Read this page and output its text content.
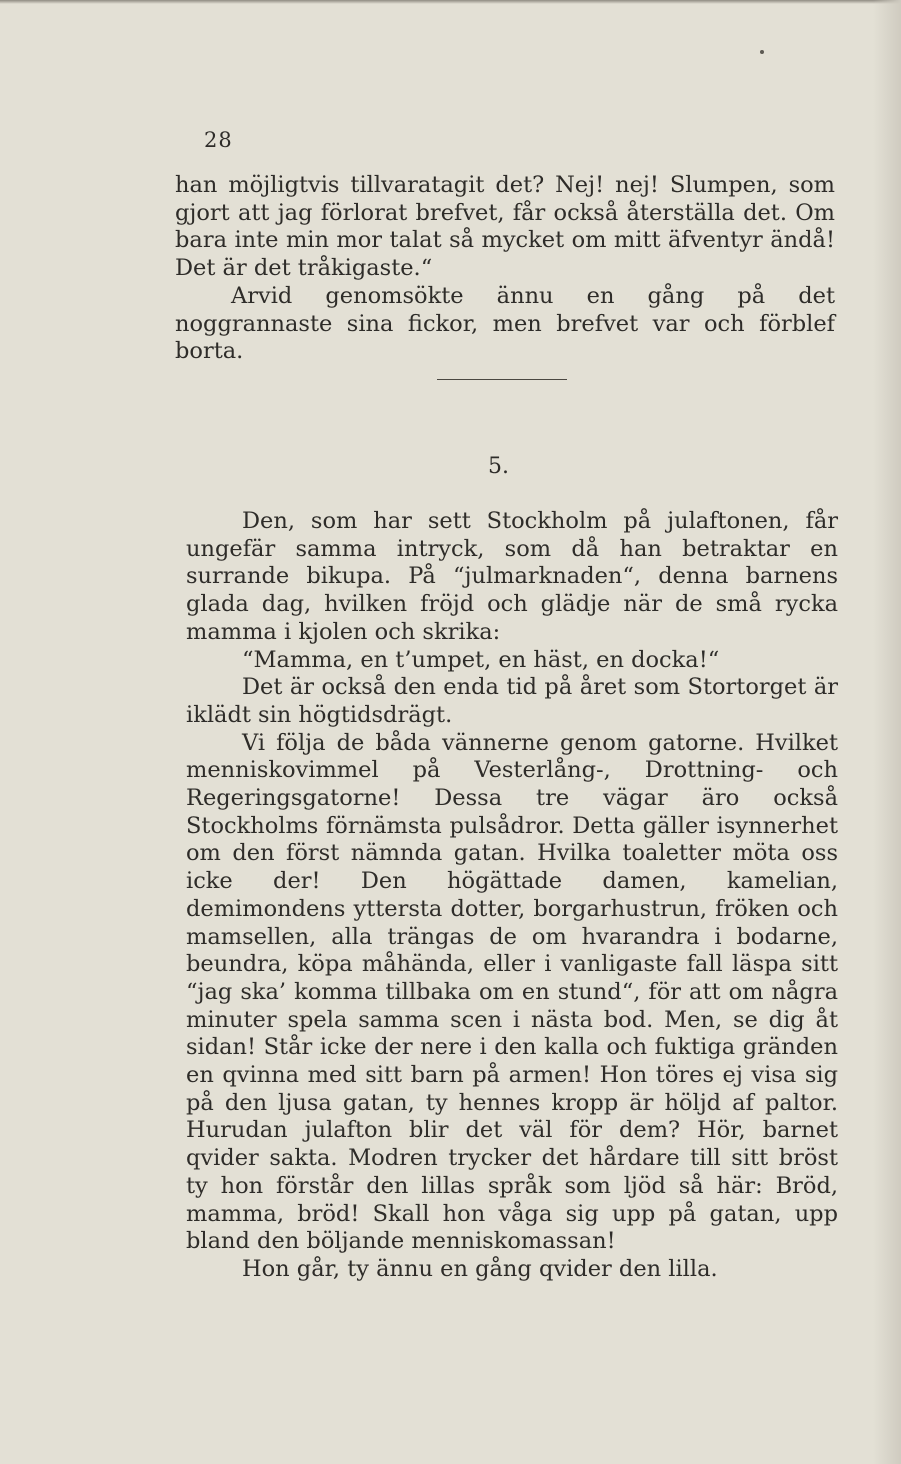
28

han möjligtvis tillvaratagit det? Nej! nej! Slumpen, som gjort att jag förlorat brefvet, får också återställa det. Om bara inte min mor talat så mycket om mitt äfventyr ändå! Det är det tråkigaste.“

Arvid genomsökte ännu en gång på det noggrannaste sina fickor, men brefvet var och förblef borta.

5.

Den, som har sett Stockholm på julaftonen, får ungefär samma intryck, som då han betraktar en surrande bikupa. På “julmarknaden“, denna barnens glada dag, hvilken fröjd och glädje när de små rycka mamma i kjolen och skrika:

“Mamma, en t’umpet, en häst, en docka!“

Det är också den enda tid på året som Stortorget är iklädt sin högtidsdrägt.

Vi följa de båda vännerne genom gatorne. Hvilket menniskovimmel på Vesterlång-, Drottning- och Regeringsgatorne! Dessa tre vägar äro också Stockholms förnämsta pulsådror. Detta gäller isynnerhet om den först nämnda gatan. Hvilka toaletter möta oss icke der! Den högättade damen, kamelian, demimondens yttersta dotter, borgarhustrun, fröken och mamsellen, alla trängas de om hvarandra i bodarne, beundra, köpa måhända, eller i vanligaste fall läspa sitt “jag ska’ komma tillbaka om en stund“, för att om några minuter spela samma scen i nästa bod. Men, se dig åt sidan! Står icke der nere i den kalla och fuktiga gränden en qvinna med sitt barn på armen! Hon töres ej visa sig på den ljusa gatan, ty hennes kropp är höljd af paltor. Hurudan julafton blir det väl för dem? Hör, barnet qvider sakta. Modren trycker det hårdare till sitt bröst ty hon förstår den lillas språk som ljöd så här: Bröd, mamma, bröd! Skall hon våga sig upp på gatan, upp bland den böljande menniskomassan!

Hon går, ty ännu en gång qvider den lilla.
